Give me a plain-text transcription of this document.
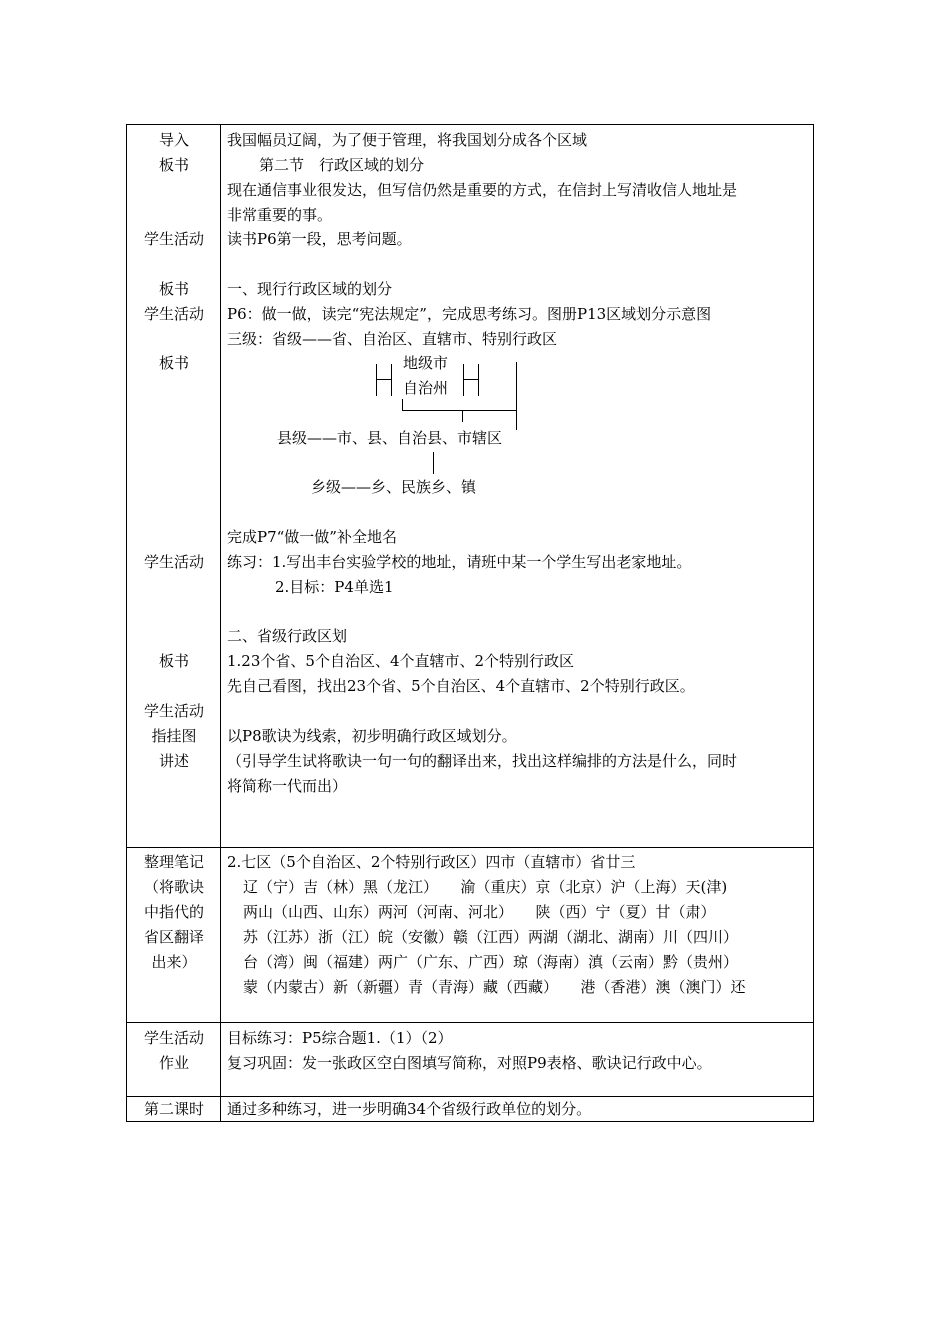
导入
板书
学生活动
板书
学生活动
板书
学生活动
板书
学生活动
指挂图
讲述
我国幅员辽阔，为了便于管理，将我国划分成各个区域
第二节　行政区域的划分
现在通信事业很发达，但写信仍然是重要的方式，在信封上写清收信人地址是
非常重要的事。
读书P6第一段，思考问题。
一、现行行政区域的划分
P6：做一做，读完“宪法规定”，完成思考练习。图册P13区域划分示意图
三级：省级——省、自治区、直辖市、特别行政区
地级市
自治州
县级——市、县、自治县、市辖区
乡级——乡、民族乡、镇
完成P7“做一做”补全地名
练习：1.写出丰台实验学校的地址，请班中某一个学生写出老家地址。
2.目标：P4单选1
二、省级行政区划
1.23个省、5个自治区、4个直辖市、2个特别行政区
先自己看图，找出23个省、5个自治区、4个直辖市、2个特别行政区。
以P8歌诀为线索，初步明确行政区域划分。
（引导学生试将歌诀一句一句的翻译出来，找出这样编排的方法是什么，同时
将简称一代而出）
整理笔记
（将歌诀
中指代的
省区翻译
出来）
2.七区（5个自治区、2个特别行政区）四市（直辖市）省廿三
辽（宁）吉（林）黑（龙江）　　渝（重庆）京（北京）沪（上海）天(津)
两山（山西、山东）两河（河南、河北）　　陕（西）宁（夏）甘（肃）
苏（江苏）浙（江）皖（安徽）赣（江西）两湖（湖北、湖南）川（四川）
台（湾）闽（福建）两广（广东、广西）琼（海南）滇（云南）黔（贵州）
蒙（内蒙古）新（新疆）青（青海）藏（西藏）　　港（香港）澳（澳门）还
学生活动
作业
目标练习：P5综合题1.（1）（2）
复习巩固：发一张政区空白图填写简称，对照P9表格、歌诀记行政中心。
第二课时	通过多种练习，进一步明确34个省级行政单位的划分。
